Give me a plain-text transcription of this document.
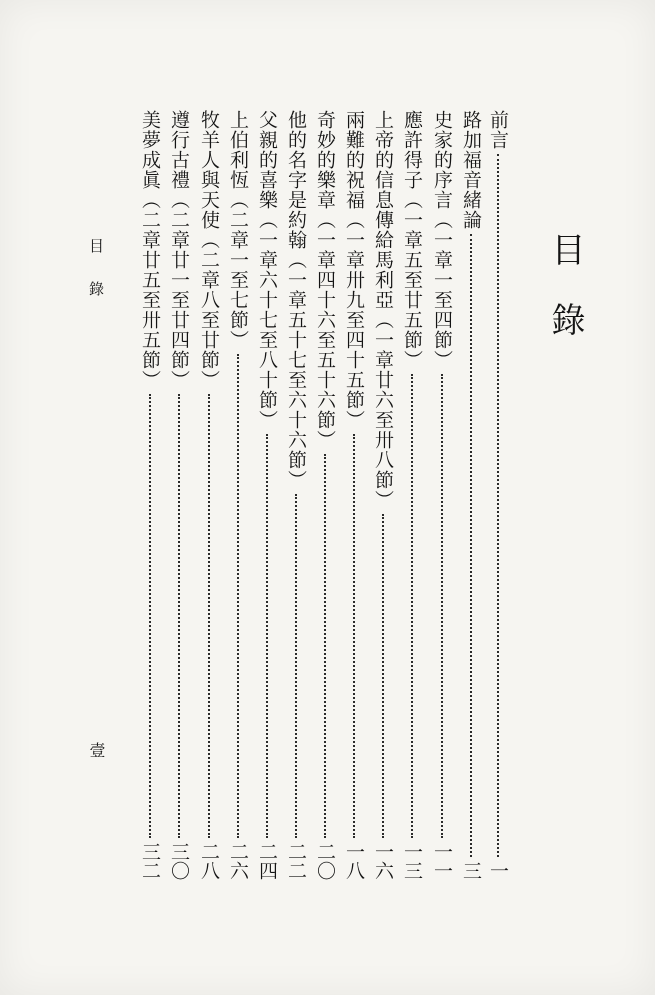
目錄
前言
一
路加福音緒論
三
史家的序言（一章一至四節）
一一
應許得子（一章五至廿五節）
一三
上帝的信息傳給馬利亞（一章廿六至卅八節）
一六
兩難的祝福（一章卅九至四十五節）
一八
奇妙的樂章（一章四十六至五十六節）
二〇
他的名字是約翰（一章五十七至六十六節）
二二
父親的喜樂（一章六十七至八十節）
二四
上伯利恆（二章一至七節）
二六
牧羊人與天使（二章八至廿節）
二八
遵行古禮（二章廿一至廿四節）
三〇
美夢成眞（二章廿五至卅五節）
三二
目錄
壹
